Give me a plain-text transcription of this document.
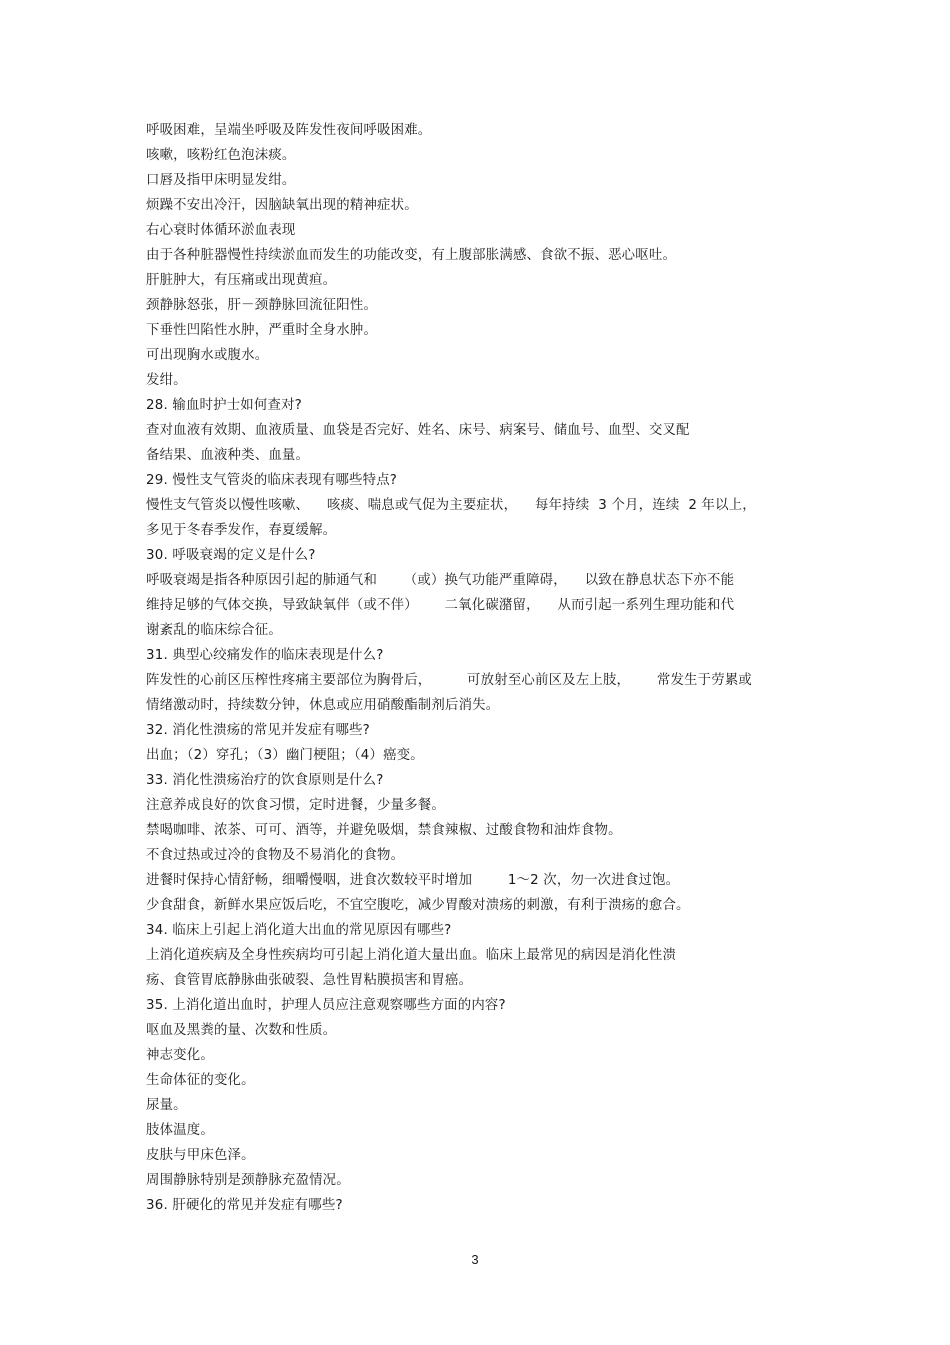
呼吸困难，呈端坐呼吸及阵发性夜间呼吸困难。
咳嗽，咳粉红色泡沫痰。
口唇及指甲床明显发绀。
烦躁不安出冷汗，因脑缺氧出现的精神症状。
右心衰时体循环淤血表现
由于各种脏器慢性持续淤血而发生的功能改变，有上腹部胀满感、食欲不振、恶心呕吐。
肝脏肿大，有压痛或出现黄疸。
颈静脉怒张，肝－颈静脉回流征阳性。
下垂性凹陷性水肿，严重时全身水肿。
可出现胸水或腹水。
发绀。
28. 输血时护士如何查对?
查对血液有效期、血液质量、血袋是否完好、姓名、床号、病案号、储血号、血型、交叉配
备结果、血液种类、血量。
29. 慢性支气管炎的临床表现有哪些特点?
慢性支气管炎以慢性咳嗽、    咳痰、喘息或气促为主要症状，    每年持续  3 个月，连续  2 年以上，
多见于冬春季发作，春夏缓解。
30. 呼吸衰竭的定义是什么?
呼吸衰竭是指各种原因引起的肺通气和      （或）换气功能严重障碍，    以致在静息状态下亦不能
维持足够的气体交换，导致缺氧伴（或不伴）      二氧化碳潴留，    从而引起一系列生理功能和代
谢紊乱的临床综合征。
31. 典型心绞痛发作的临床表现是什么?
阵发性的心前区压榨性疼痛主要部位为胸骨后，        可放射至心前区及左上肢，      常发生于劳累或
情绪激动时，持续数分钟，休息或应用硝酸酯制剂后消失。
32. 消化性溃疡的常见并发症有哪些?
出血；（2）穿孔；（3）幽门梗阻；（4）癌变。
33. 消化性溃疡治疗的饮食原则是什么?
注意养成良好的饮食习惯，定时进餐，少量多餐。
禁喝咖啡、浓茶、可可、酒等，并避免吸烟，禁食辣椒、过酸食物和油炸食物。
不食过热或过冷的食物及不易消化的食物。
进餐时保持心情舒畅，细嚼慢咽，进食次数较平时增加        1～2 次，勿一次进食过饱。
少食甜食，新鲜水果应饭后吃，不宜空腹吃，减少胃酸对溃疡的刺激，有利于溃疡的愈合。
34. 临床上引起上消化道大出血的常见原因有哪些?
上消化道疾病及全身性疾病均可引起上消化道大量出血。临床上最常见的病因是消化性溃
疡、食管胃底静脉曲张破裂、急性胃粘膜损害和胃癌。
35. 上消化道出血时，护理人员应注意观察哪些方面的内容?
呕血及黑粪的量、次数和性质。
神志变化。
生命体征的变化。
尿量。
肢体温度。
皮肤与甲床色泽。
周围静脉特别是颈静脉充盈情况。
36. 肝硬化的常见并发症有哪些?
3
